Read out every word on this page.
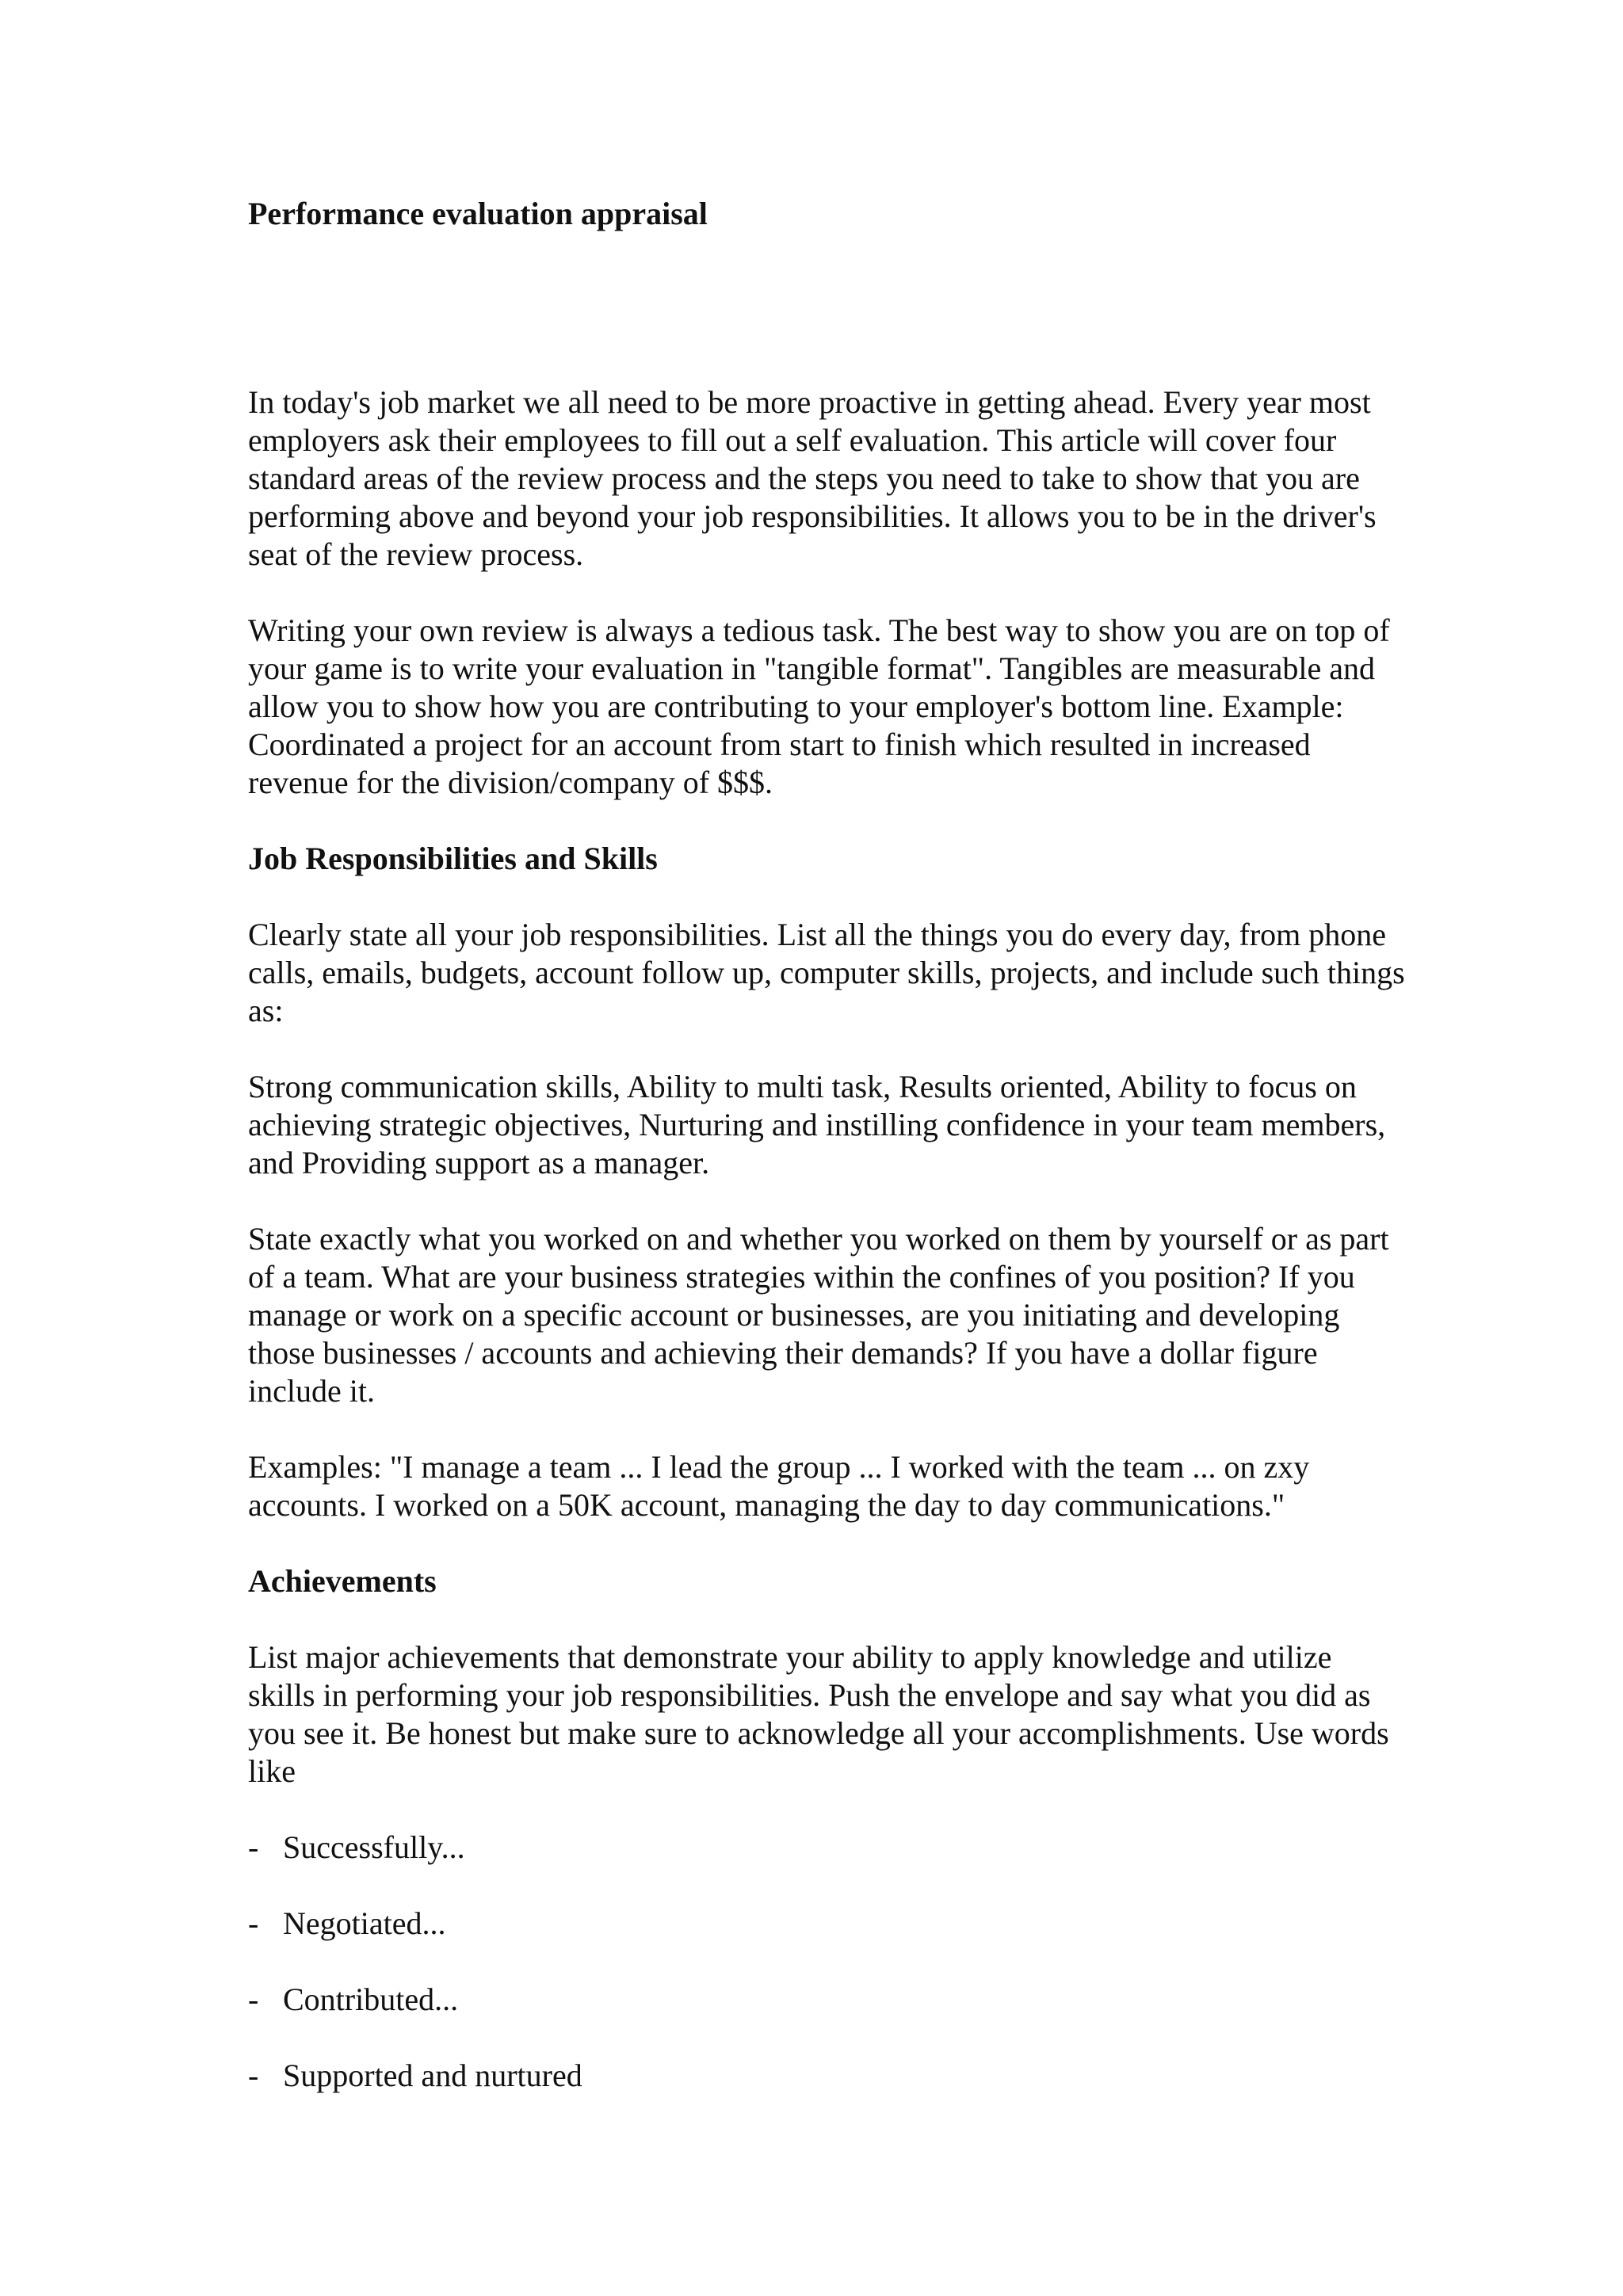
Performance evaluation appraisal

In today's job market we all need to be more proactive in getting ahead. Every year most employers ask their employees to fill out a self evaluation. This article will cover four standard areas of the review process and the steps you need to take to show that you are performing above and beyond your job responsibilities. It allows you to be in the driver's seat of the review process.

Writing your own review is always a tedious task. The best way to show you are on top of your game is to write your evaluation in "tangible format". Tangibles are measurable and allow you to show how you are contributing to your employer's bottom line. Example: Coordinated a project for an account from start to finish which resulted in increased revenue for the division/company of $$$.

Job Responsibilities and Skills

Clearly state all your job responsibilities. List all the things you do every day, from phone calls, emails, budgets, account follow up, computer skills, projects, and include such things as:

Strong communication skills, Ability to multi task, Results oriented, Ability to focus on achieving strategic objectives, Nurturing and instilling confidence in your team members, and Providing support as a manager.

State exactly what you worked on and whether you worked on them by yourself or as part of a team. What are your business strategies within the confines of you position? If you manage or work on a specific account or businesses, are you initiating and developing those businesses / accounts and achieving their demands? If you have a dollar figure include it.

Examples: "I manage a team ... I lead the group ... I worked with the team ... on zxy accounts. I worked on a 50K account, managing the day to day communications."

Achievements

List major achievements that demonstrate your ability to apply knowledge and utilize skills in performing your job responsibilities. Push the envelope and say what you did as you see it. Be honest but make sure to acknowledge all your accomplishments. Use words like

- Successfully...
- Negotiated...
- Contributed...
- Supported and nurtured
